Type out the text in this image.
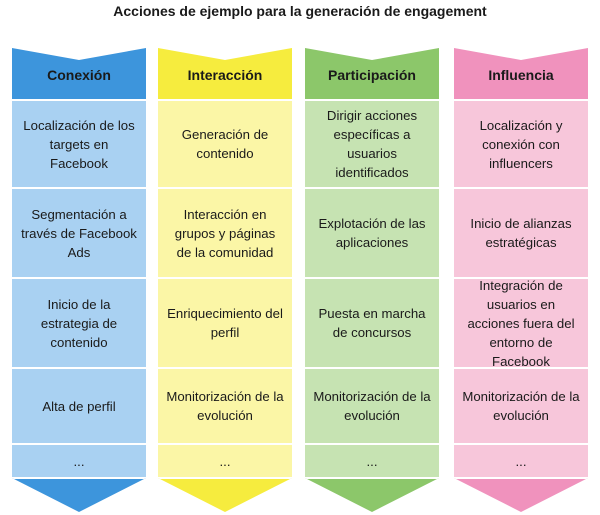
Acciones de ejemplo para la generación de engagement
Conexión
Localización de los targets en Facebook
Segmentación a través de Facebook Ads
Inicio de la estrategia de contenido
Alta de perfil
...
Interacción
Generación de contenido
Interacción en grupos y páginas de la comunidad
Enriquecimiento del perfil
Monitorización de la evolución
...
Participación
Dirigir acciones específicas a usuarios identificados
Explotación de las aplicaciones
Puesta en marcha de concursos
Monitorización de la evolución
...
Influencia
Localización y conexión con influencers
Inicio de alianzas estratégicas
Integración de usuarios en acciones fuera del entorno de Facebook
Monitorización de la evolución
...
